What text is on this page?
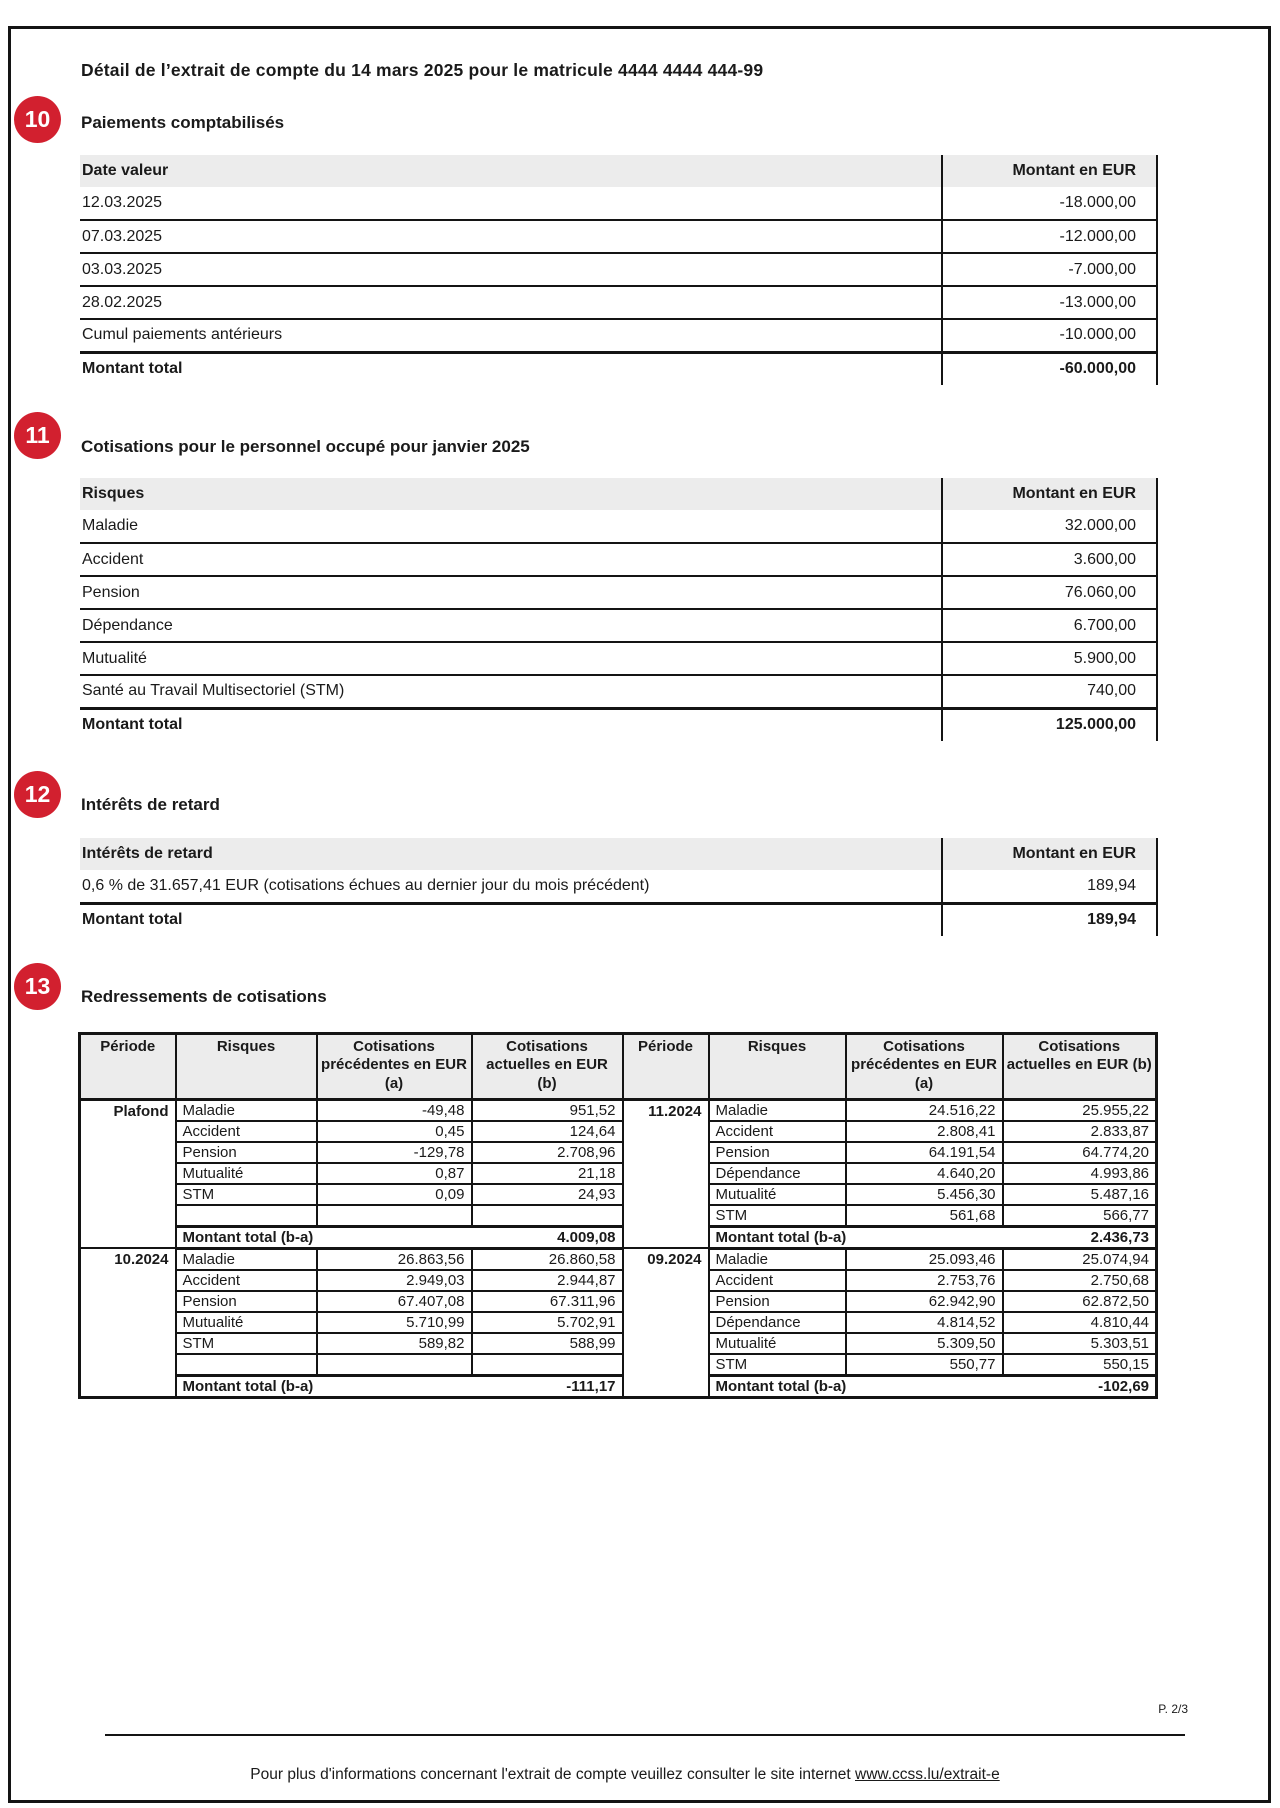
Détail de l’extrait de compte du 14 mars 2025 pour le matricule 4444 4444 444-99
10	Paiements comptabilisés
Date valeur	Montant en EUR
12.03.2025	-18.000,00
07.03.2025	-12.000,00
03.03.2025	-7.000,00
28.02.2025	-13.000,00
Cumul paiements antérieurs	-10.000,00
Montant total	-60.000,00
11	Cotisations pour le personnel occupé pour janvier 2025
Risques	Montant en EUR
Maladie	32.000,00
Accident	3.600,00
Pension	76.060,00
Dépendance	6.700,00
Mutualité	5.900,00
Santé au Travail Multisectoriel (STM)	740,00
Montant total	125.000,00
12	Intérêts de retard
Intérêts de retard	Montant en EUR
0,6 % de 31.657,41 EUR (cotisations échues au dernier jour du mois précédent)	189,94
Montant total	189,94
13	Redressements de cotisations
Période	Risques	Cotisations précédentes en EUR (a)	Cotisations actuelles en EUR (b)	Période	Risques	Cotisations précédentes en EUR (a)	Cotisations actuelles en EUR (b)
Plafond	Maladie	-49,48	951,52	11.2024	Maladie	24.516,22	25.955,22
	Accident	0,45	124,64		Accident	2.808,41	2.833,87
	Pension	-129,78	2.708,96		Pension	64.191,54	64.774,20
	Mutualité	0,87	21,18		Dépendance	4.640,20	4.993,86
	STM	0,09	24,93		Mutualité	5.456,30	5.487,16
					STM	561,68	566,77

	Montant total (b-a) 4.009,08				Montant total (b-a) 2.436,73		

10.2024	Maladie	26.863,56	26.860,58	09.2024	Maladie	25.093,46	25.074,94
	Accident	2.949,03	2.944,87		Accident	2.753,76	2.750,68
	Pension	67.407,08	67.311,96		Pension	62.942,90	62.872,50
	Mutualité	5.710,99	5.702,91		Dépendance	4.814,52	4.810,44
	STM	589,82	588,99		Mutualité	5.309,50	5.303,51
					STM	550,77	550,15

	Montant total (b-a) -111,17				Montant total (b-a) -102,69		
P. 2/3
Pour plus d'informations concernant l'extrait de compte veuillez consulter le site internet www.ccss.lu/extrait-e
